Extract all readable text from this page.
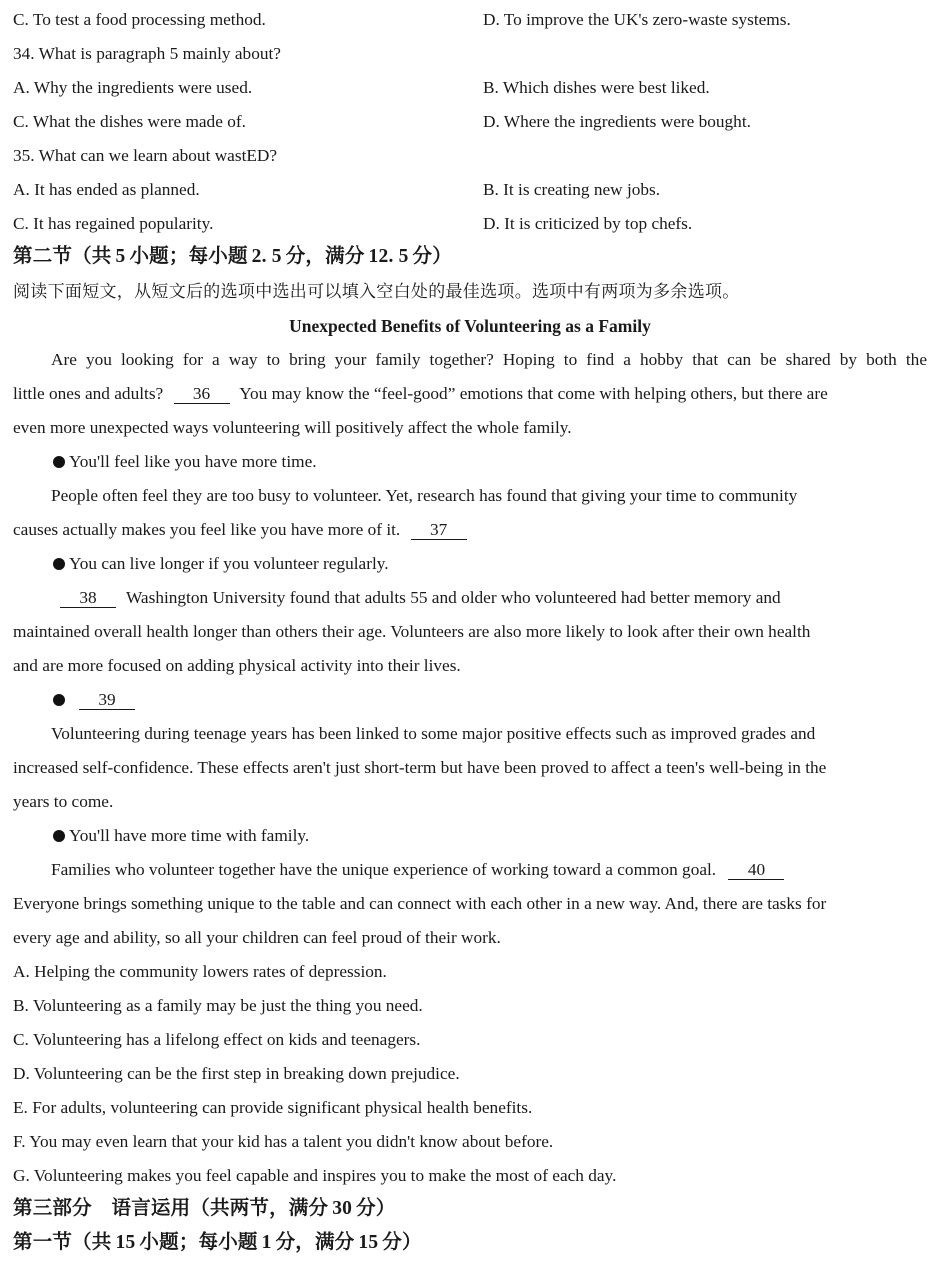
C. To test a food processing method.	D. To improve the UK's zero-waste systems.
34. What is paragraph 5 mainly about?
A. Why the ingredients were used.	B. Which dishes were best liked.
C. What the dishes were made of.	D. Where the ingredients were bought.
35. What can we learn about wastED?
A. It has ended as planned.	B. It is creating new jobs.
C. It has regained popularity.	D. It is criticized by top chefs.
第二节（共 5 小题；每小题 2. 5 分，满分 12. 5 分）
阅读下面短文，从短文后的选项中选出可以填入空白处的最佳选项。选项中有两项为多余选项。
Unexpected Benefits of Volunteering as a Family
Are you looking for a way to bring your family together? Hoping to find a hobby that can be shared by both the
little ones and adults? 36 You may know the “feel-good” emotions that come with helping others, but there are
even more unexpected ways volunteering will positively affect the whole family.
You'll feel like you have more time.
People often feel they are too busy to volunteer. Yet, research has found that giving your time to community
causes actually makes you feel like you have more of it. 37
You can live longer if you volunteer regularly.
38 Washington University found that adults 55 and older who volunteered had better memory and
maintained overall health longer than others their age. Volunteers are also more likely to look after their own health
and are more focused on adding physical activity into their lives.
39
Volunteering during teenage years has been linked to some major positive effects such as improved grades and
increased self-confidence. These effects aren't just short-term but have been proved to affect a teen's well-being in the
years to come.
You'll have more time with family.
Families who volunteer together have the unique experience of working toward a common goal. 40
Everyone brings something unique to the table and can connect with each other in a new way. And, there are tasks for
every age and ability, so all your children can feel proud of their work.
A. Helping the community lowers rates of depression.
B. Volunteering as a family may be just the thing you need.
C. Volunteering has a lifelong effect on kids and teenagers.
D. Volunteering can be the first step in breaking down prejudice.
E. For adults, volunteering can provide significant physical health benefits.
F. You may even learn that your kid has a talent you didn't know about before.
G. Volunteering makes you feel capable and inspires you to make the most of each day.
第三部分　语言运用（共两节，满分 30 分）
第一节（共 15 小题；每小题 1 分，满分 15 分）
